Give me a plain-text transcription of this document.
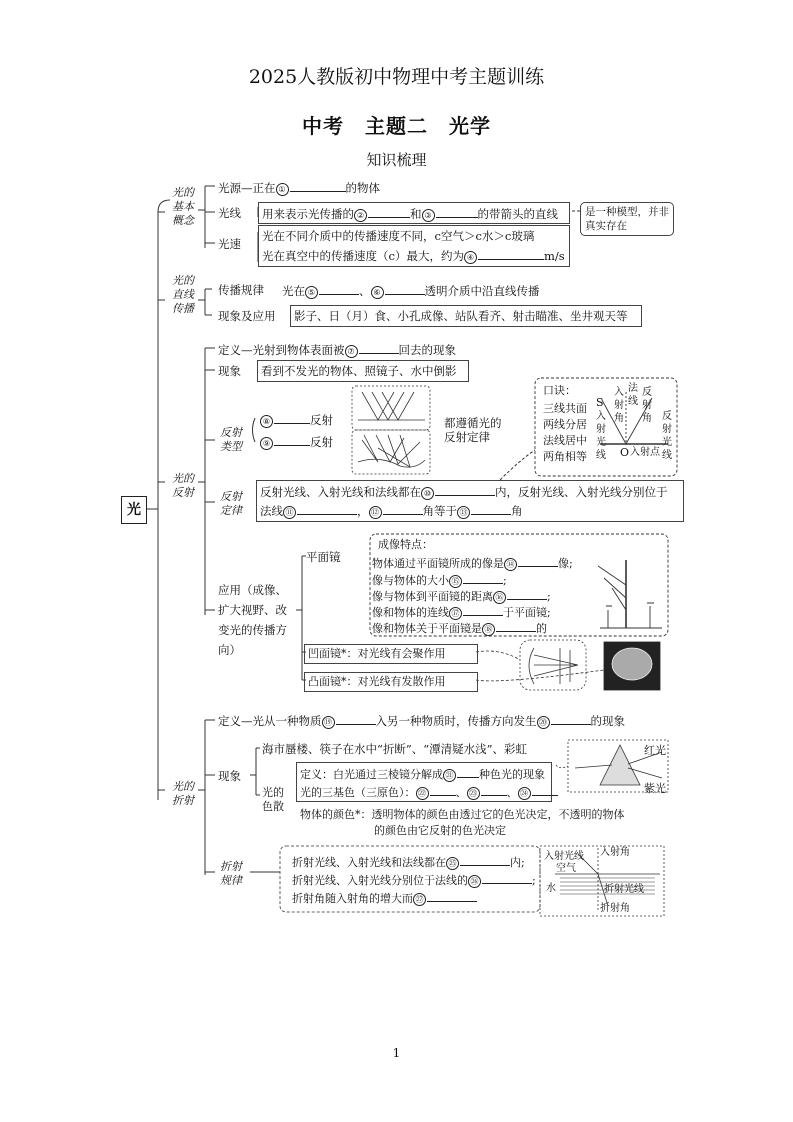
2025人教版初中物理中考主题训练
中考　主题二　光学
知识梳理
光
光的基本概念
光的直线传播
光的反射
光的折射
光源—正在 ①	的物体
光线 用来表示光传播的 ②	和 ③	的带箭头的直线	是一种模型，并非真实存在
光速
光在不同介质中的传播速度不同，c空气＞c水＞c玻璃
光在真空中的传播速度（c）最大，约为 ④	m/s
传播规律 光在 ⑤	、 ⑥	透明介质中沿直线传播
现象及应用 影子、日（月）食、小孔成像、站队看齐、射击瞄准、坐井观天等
定义—光射到物体表面被 ⑦	回去的现象
现象 看到不发光的物体、照镜子、水中倒影
反射类型
⑧	反射
⑨	反射
都遵循光的反射定律
口诀：
三线共面
两线分居
法线居中
两角相等
S
入射光线
入射角
法线
反射角 反射光线
O 入射点
反射定律
反射光线、入射光线和法线都在 ⑩	内，反射光线、入射光线分别位于
法线 ⑪	， ⑫	角等于 ⑬	角
应用（成像、扩大视野、改变光的传播方向）
平面镜
成像特点：
物体通过平面镜所成的像是 ⑭	像;
像与物体的大小 ⑮	;
像与物体到平面镜的距离 ⑯	;
像和物体的连线 ⑰	于平面镜;
像和物体关于平面镜是 ⑱	的
凹面镜*：对光线有会聚作用
凸面镜*：对光线有发散作用
定义—光从一种物质 ⑲	入另一种物质时，传播方向发生 ⑳	的现象
现象
海市蜃楼、筷子在水中“折断”、“潭清疑水浅”、彩虹
光的色散
定义：白光通过三棱镜分解成 ㉑ 种色光的现象
光的三基色（三原色）： ㉒	、 ㉓	、 ㉔
红光
紫光
物体的颜色*：透明物体的颜色由透过它的色光决定，不透明的物体
的颜色由它反射的色光决定
折射规律
折射光线、入射光线和法线都在 ㉕	内;
折射光线、入射光线分别位于法线的 ㉖	;
折射角随入射角的增大而 ㉗
入射光线 入射角
空气
水	折射光线
折射角
1
